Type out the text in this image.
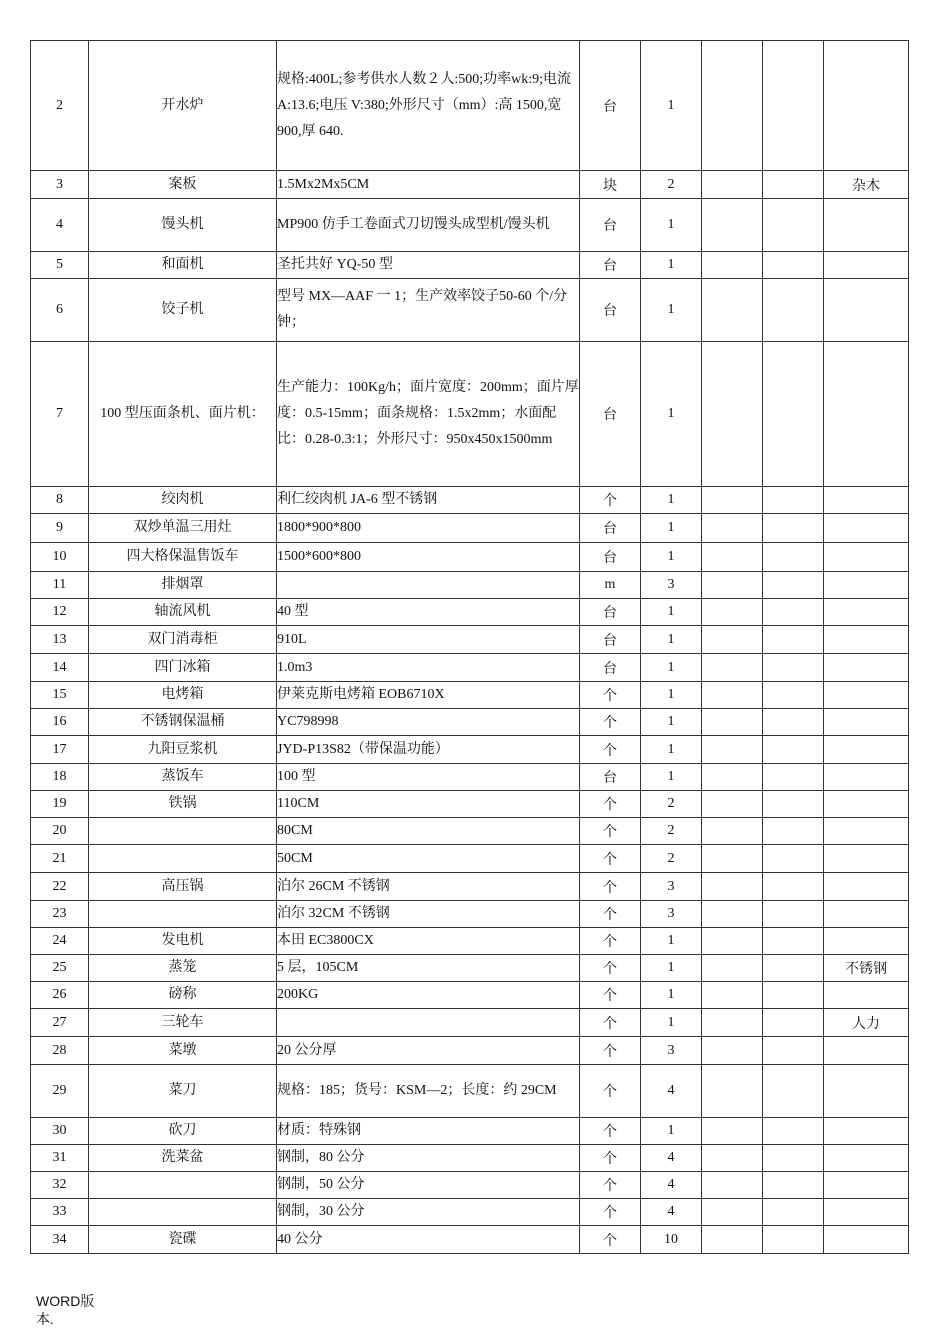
2	开水炉	规格:400L;参考供水人数２人:500;功率wk:9;电流 A:13.6;电压 V:380;外形尺寸（mm）:高 1500,宽 900,厚 640.	台	1			
3	案板	1.5Mx2Mx5CM	块	2			杂木
4	馒头机	MP900 仿手工卷面式刀切馒头成型机/馒头机	台	1			
5	和面机	圣托共好 YQ-50 型	台	1			
6	饺子机	型号 MX—AAF 一 1；生产效率饺子50-60 个/分钟；	台	1			
7	100 型压面条机、面片机：	生产能力：100Kg/h；面片宽度：200mm；面片厚度：0.5-15mm；面条规格：1.5x2mm；水面配比：0.28-0.3:1；外形尺寸：950x450x1500mm	台	1			
8	绞肉机	利仁绞肉机 JA-6 型不锈钢	个	1			
9	双炒单温三用灶	1800*900*800	台	1			
10	四大格保温售饭车	1500*600*800	台	1			
11	排烟罩		m	3			
12	轴流风机	40 型	台	1			
13	双门消毒柜	910L	台	1			
14	四门冰箱	1.0m3	台	1			
15	电烤箱	伊莱克斯电烤箱 EOB6710X	个	1			
16	不锈钢保温桶	YC798998	个	1			
17	九阳豆浆机	JYD-P13S82（带保温功能）	个	1			
18	蒸饭车	100 型	台	1			
19	铁锅	110CM	个	2			
20		80CM	个	2			
21		50CM	个	2			
22	高压锅	泊尔 26CM 不锈钢	个	3			
23		泊尔 32CM 不锈钢	个	3			
24	发电机	本田 EC3800CX	个	1			
25	蒸笼	5 层，105CM	个	1			不锈钢
26	磅称	200KG	个	1			
27	三轮车		个	1			人力
28	菜墩	20 公分厚	个	3			
29	菜刀	规格：185；货号：KSM—2；长度：约 29CM	个	4			
30	砍刀	材质：特殊钢	个	1			
31	洗菜盆	钢制，80 公分	个	4			
32		钢制，50 公分	个	4			
33		钢制，30 公分	个	4			
34	瓷碟	40 公分	个	10			
WORD版
本.
